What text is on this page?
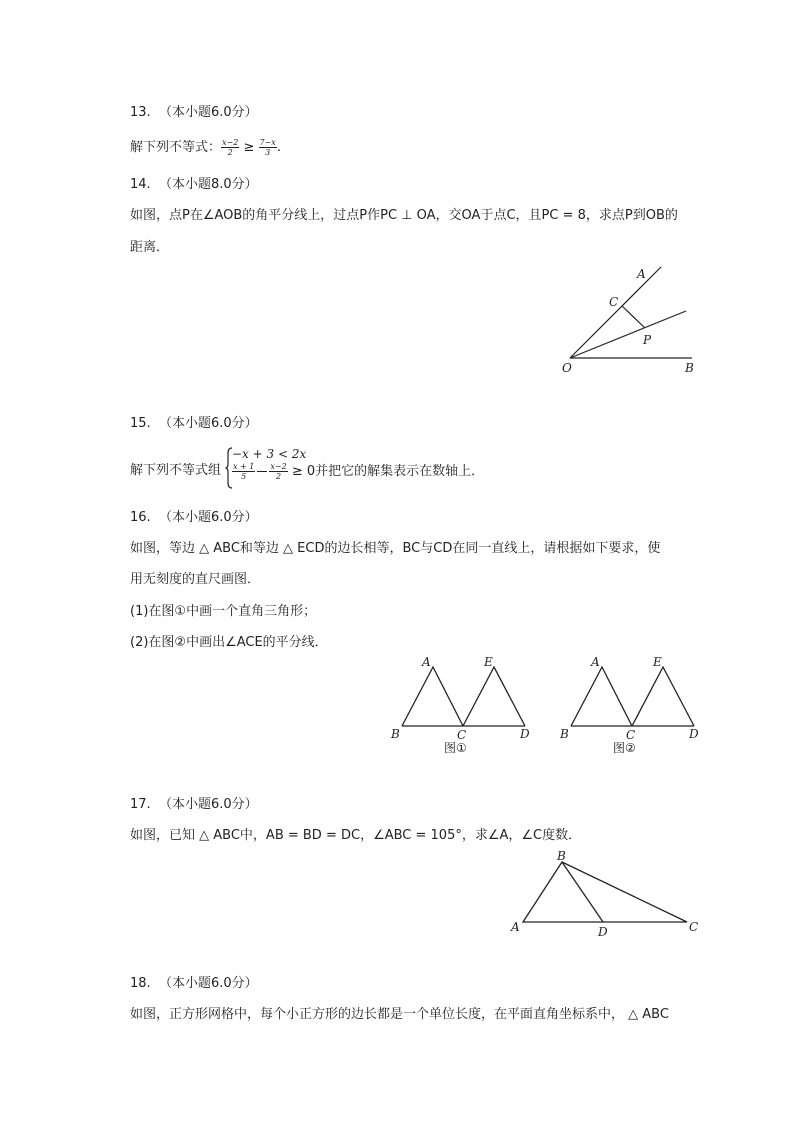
13.  （本小题6.0分）
解下列不等式： $\frac{x-2}{2} \ge \frac{7-x}{3}$ .
14.  （本小题8.0分）
如图，点P在∠AOB的角平分线上，过点P作PC ⊥ OA，交OA于点C，且PC = 8，求点P到OB的
距离．
A
C
P
O	B
15.  （本小题6.0分）
解下列不等式组
−x + 3 < 2x
$\frac{x + 1}{5} \frac{x-2}{2} \ge 0$并把它的解集表示在数轴上．
16.  （本小题6.0分）
如图，等边 △ ABC和等边 △ ECD的边长相等，BC与CD在同一直线上，请根据如下要求，使
用无刻度的直尺画图．
(1)在图①中画一个直角三角形；
(2)在图②中画出∠ACE的平分线．
A	E
B	C	D
图①
A	E
B	C	D
图②
17.  （本小题6.0分）
如图，已知 △ ABC中，AB = BD = DC，∠ABC = 105°，求∠A，∠C度数．
B
A	D	C
18.  （本小题6.0分）
如图，正方形网格中，每个小正方形的边长都是一个单位长度，在平面直角坐标系中， △ ABC
